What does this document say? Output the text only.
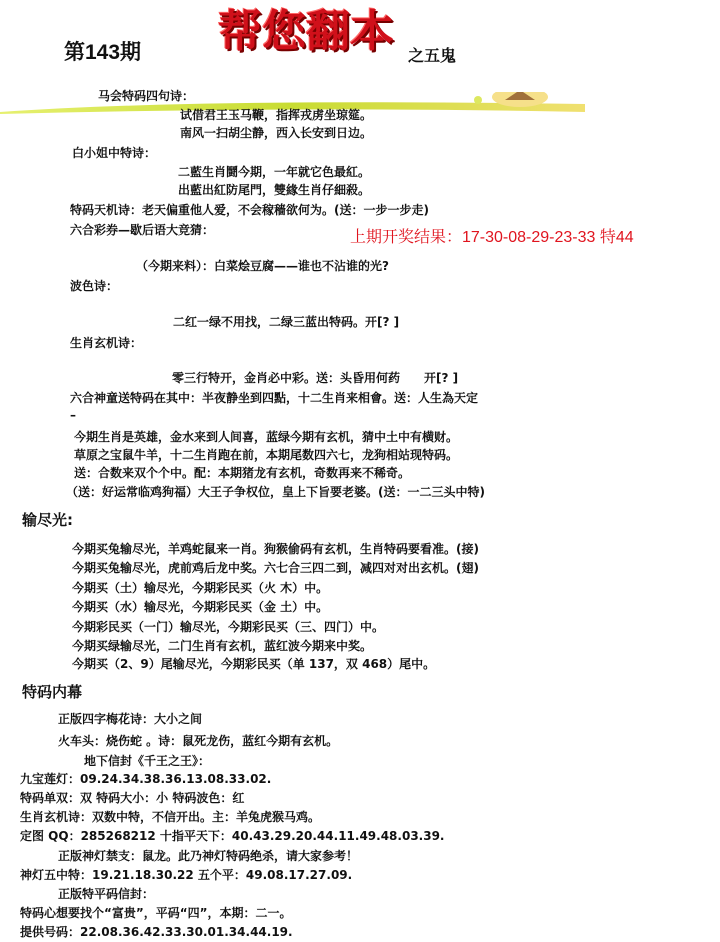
第143期 帮您翻本 之五鬼
上期开奖结果：17-30-08-29-23-33 特44
马会特码四句诗：
试借君王玉马鞭，指挥戎虏坐琼筵。
南风一扫胡尘静，西入长安到日边。
白小姐中特诗：
二藍生肖鬪今期，一年就它色最紅。
出藍出紅防尾門，雙緣生肖仔細殺。
特码天机诗：老天偏重他人爱，不会稼穑欲何为。(送：一步一步走)
六合彩券—歇后语大竞猜：
（今期来料）：白菜烩豆腐——谁也不沾谁的光?
波色诗：
二红一绿不用找，二绿三蓝出特码。开[? ]
生肖玄机诗：
零三行特开，金肖必中彩。送：头昏用何药　　开[? ]
六合神童送特码在其中：半夜静坐到四點，十二生肖来相會。送：人生為天定
–
今期生肖是英雄，金水来到人间喜，蓝绿今期有玄机，猜中土中有横财。
草原之宝鼠牛羊，十二生肖跑在前，本期尾数四六七，龙狗相站现特码。
送：合数来双个个中。配：本期猪龙有玄机，奇数再来不稀奇。
（送：好运常临鸡狗福）大王子争权位，皇上下旨要老婆。(送：一二三头中特)
输尽光:
今期买兔输尽光，羊鸡蛇鼠来一肖。狗猴偷码有玄机，生肖特码要看准。(接)
今期买兔输尽光，虎前鸡后龙中奖。六七合三四二到，减四对对出玄机。(翅)
今期买（土）输尽光，今期彩民买（火 木）中。
今期买（水）输尽光，今期彩民买（金 土）中。
今期彩民买（一门）输尽光，今期彩民买（三、四门）中。
今期买绿输尽光，二门生肖有玄机，蓝红波今期来中奖。
今期买（2、9）尾输尽光，今期彩民买（单 137，双 468）尾中。
特码内幕
正版四字梅花诗：大小之间
火车头：烧伤蛇 。诗：鼠死龙伤，蓝红今期有玄机。
地下信封《千王之王》：
九宝莲灯：09.24.34.38.36.13.08.33.02.
特码单双：双 特码大小：小 特码波色：红
生肖玄机诗：双数中特，不信开出。主：羊兔虎猴马鸡。
定图 QQ：285268212 十指平天下：40.43.29.20.44.11.49.48.03.39.
正版神灯禁支：鼠龙。此乃神灯特码绝杀，请大家参考！
神灯五中特：19.21.18.30.22 五个平：49.08.17.27.09.
正版特平码信封：
特码心想要找个“富贵”，平码“四”，本期：二一。
提供号码：22.08.36.42.33.30.01.34.44.19.
